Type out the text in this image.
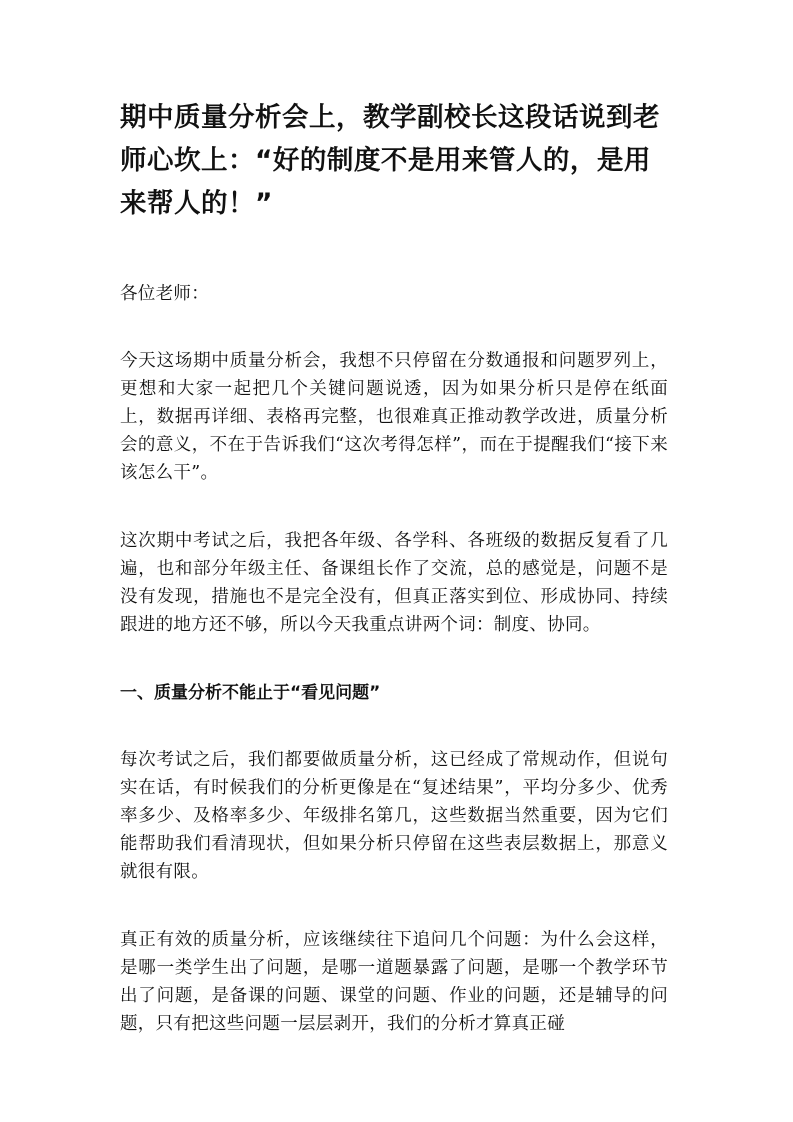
期中质量分析会上，教学副校长这段话说到老师心坎上：“好的制度不是用来管人的，是用来帮人的！”

各位老师：

今天这场期中质量分析会，我想不只停留在分数通报和问题罗列上，更想和大家一起把几个关键问题说透，因为如果分析只是停在纸面上，数据再详细、表格再完整，也很难真正推动教学改进，质量分析会的意义，不在于告诉我们“这次考得怎样”，而在于提醒我们“接下来该怎么干”。

这次期中考试之后，我把各年级、各学科、各班级的数据反复看了几遍，也和部分年级主任、备课组长作了交流，总的感觉是，问题不是没有发现，措施也不是完全没有，但真正落实到位、形成协同、持续跟进的地方还不够，所以今天我重点讲两个词：制度、协同。

一、质量分析不能止于“看见问题”

每次考试之后，我们都要做质量分析，这已经成了常规动作，但说句实在话，有时候我们的分析更像是在“复述结果”，平均分多少、优秀率多少、及格率多少、年级排名第几，这些数据当然重要，因为它们能帮助我们看清现状，但如果分析只停留在这些表层数据上，那意义就很有限。

真正有效的质量分析，应该继续往下追问几个问题：为什么会这样，是哪一类学生出了问题，是哪一道题暴露了问题，是哪一个教学环节出了问题，是备课的问题、课堂的问题、作业的问题，还是辅导的问题，只有把这些问题一层层剥开，我们的分析才算真正碰
